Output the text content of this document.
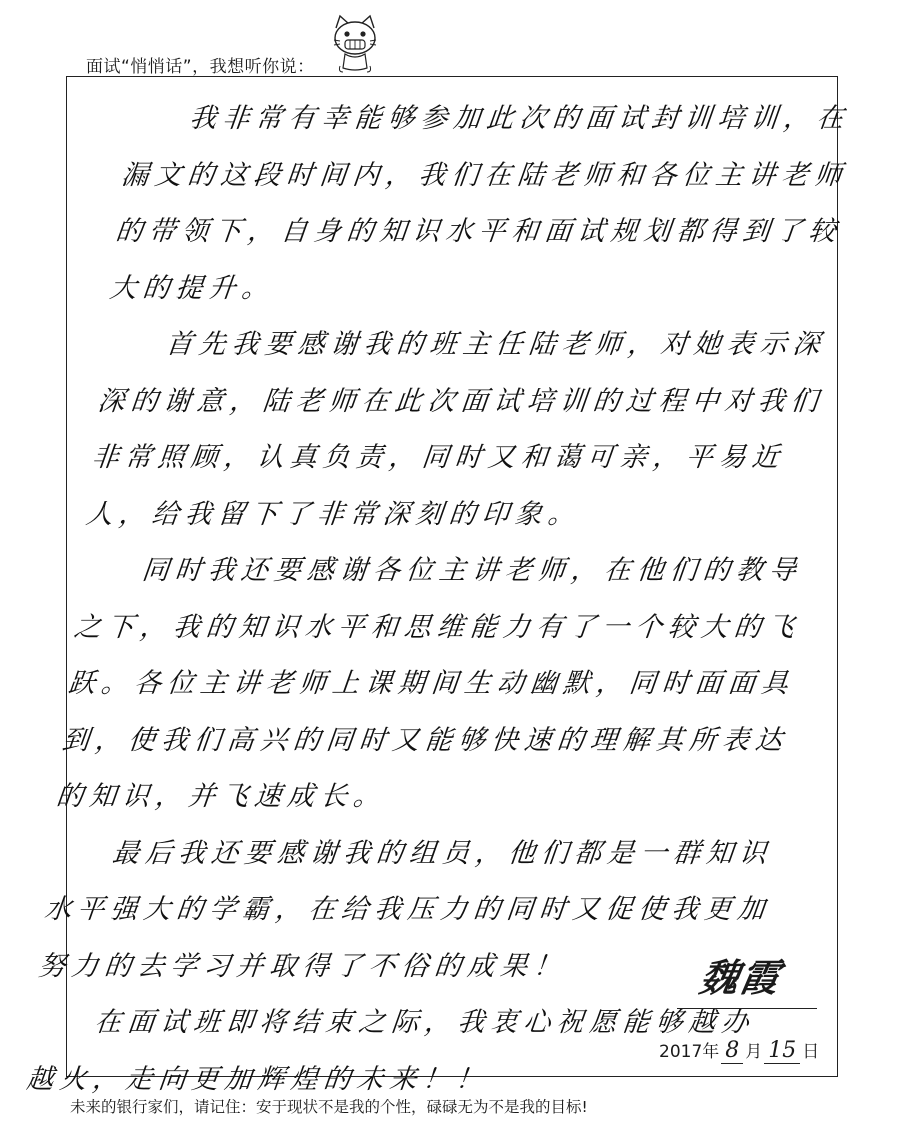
面试“悄悄话”，我想听你说：

我非常有幸能够参加此次的面试封训培训，在漏文的这段时间内，我们在陆老师和各位主讲老师的带领下，自身的知识水平和面试规划都得到了较大的提升。

首先我要感谢我的班主任陆老师，对她表示深深的谢意，陆老师在此次面试培训的过程中对我们非常照顾，认真负责，同时又和蔼可亲，平易近人，给我留下了非常深刻的印象。

同时我还要感谢各位主讲老师，在他们的教导之下，我的知识水平和思维能力有了一个较大的飞跃。各位主讲老师上课期间生动幽默，同时面面具到，使我们高兴的同时又能够快速的理解其所表达的知识，并飞速成长。

最后我还要感谢我的组员，他们都是一群知识水平强大的学霸，在给我压力的同时又促使我更加努力的去学习并取得了不俗的成果！

在面试班即将结束之际，我衷心祝愿能够越办越火，走向更加辉煌的未来！！

魏霞
2017年 8 月 15 日
未来的银行家们，请记住：安于现状不是我的个性，碌碌无为不是我的目标!
